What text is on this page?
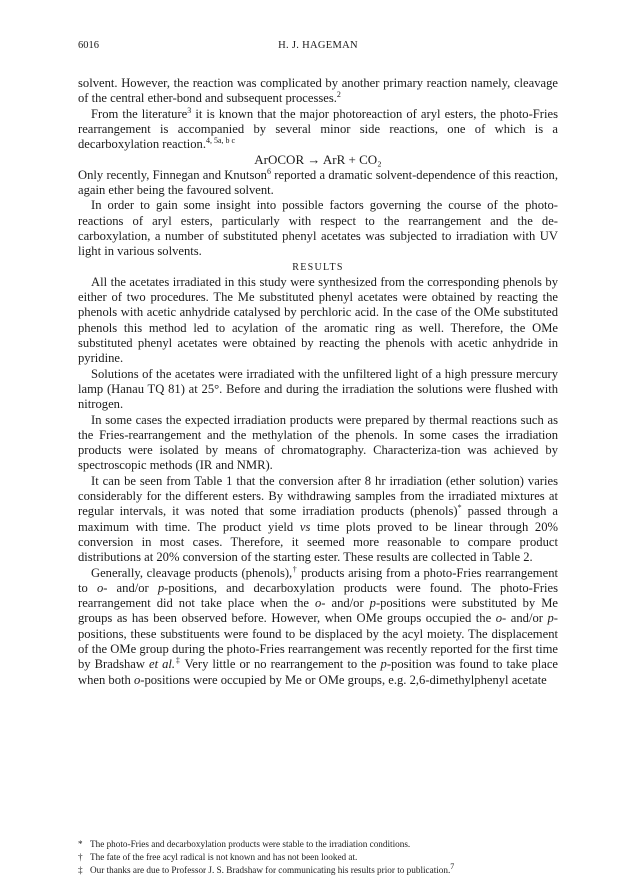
6016	H. J. HAGEMAN

solvent. However, the reaction was complicated by another primary reaction namely, cleavage of the central ether-bond and subsequent processes.$^2$

From the literature$^3$ it is known that the major photoreaction of aryl esters, the photo-Fries rearrangement is accompanied by several minor side reactions, one of which is a decarboxylation reaction.$^{4, 5a, b c}$

ArOCOR → ArR + CO₂

Only recently, Finnegan and Knutson$^6$ reported a dramatic solvent-dependence of this reaction, again ether being the favoured solvent.

In order to gain some insight into possible factors governing the course of the photo-reactions of aryl esters, particularly with respect to the rearrangement and the de-carboxylation, a number of substituted phenyl acetates was subjected to irradiation with UV light in various solvents.

RESULTS

All the acetates irradiated in this study were synthesized from the corresponding phenols by either of two procedures. The Me substituted phenyl acetates were obtained by reacting the phenols with acetic anhydride catalysed by perchloric acid. In the case of the OMe substituted phenols this method led to acylation of the aromatic ring as well. Therefore, the OMe substituted phenyl acetates were obtained by reacting the phenols with acetic anhydride in pyridine.

Solutions of the acetates were irradiated with the unfiltered light of a high pressure mercury lamp (Hanau TQ 81) at 25°. Before and during the irradiation the solutions were flushed with nitrogen.

In some cases the expected irradiation products were prepared by thermal reactions such as the Fries-rearrangement and the methylation of the phenols. In some cases the irradiation products were isolated by means of chromatography. Characteriza-tion was achieved by spectroscopic methods (IR and NMR).

It can be seen from Table 1 that the conversion after 8 hr irradiation (ether solution) varies considerably for the different esters. By withdrawing samples from the irradiated mixtures at regular intervals, it was noted that some irradiation products (phenols)* passed through a maximum with time. The product yield vs time plots proved to be linear through 20% conversion in most cases. Therefore, it seemed more reasonable to compare product distributions at 20% conversion of the starting ester. These results are collected in Table 2.

Generally, cleavage products (phenols),† products arising from a photo-Fries rearrangement to o- and/or p-positions, and decarboxylation products were found. The photo-Fries rearrangement did not take place when the o- and/or p-positions were substituted by Me groups as has been observed before. However, when OMe groups occupied the o- and/or p-positions, these substituents were found to be displaced by the acyl moiety. The displacement of the OMe group during the photo-Fries rearrangement was recently reported for the first time by Bradshaw et al.‡ Very little or no rearrangement to the p-position was found to take place when both o-positions were occupied by Me or OMe groups, e.g. 2,6-dimethylphenyl acetate

* The photo-Fries and decarboxylation products were stable to the irradiation conditions.

† The fate of the free acyl radical is not known and has not been looked at.

‡ Our thanks are due to Professor J. S. Bradshaw for communicating his results prior to publication.$^7$
